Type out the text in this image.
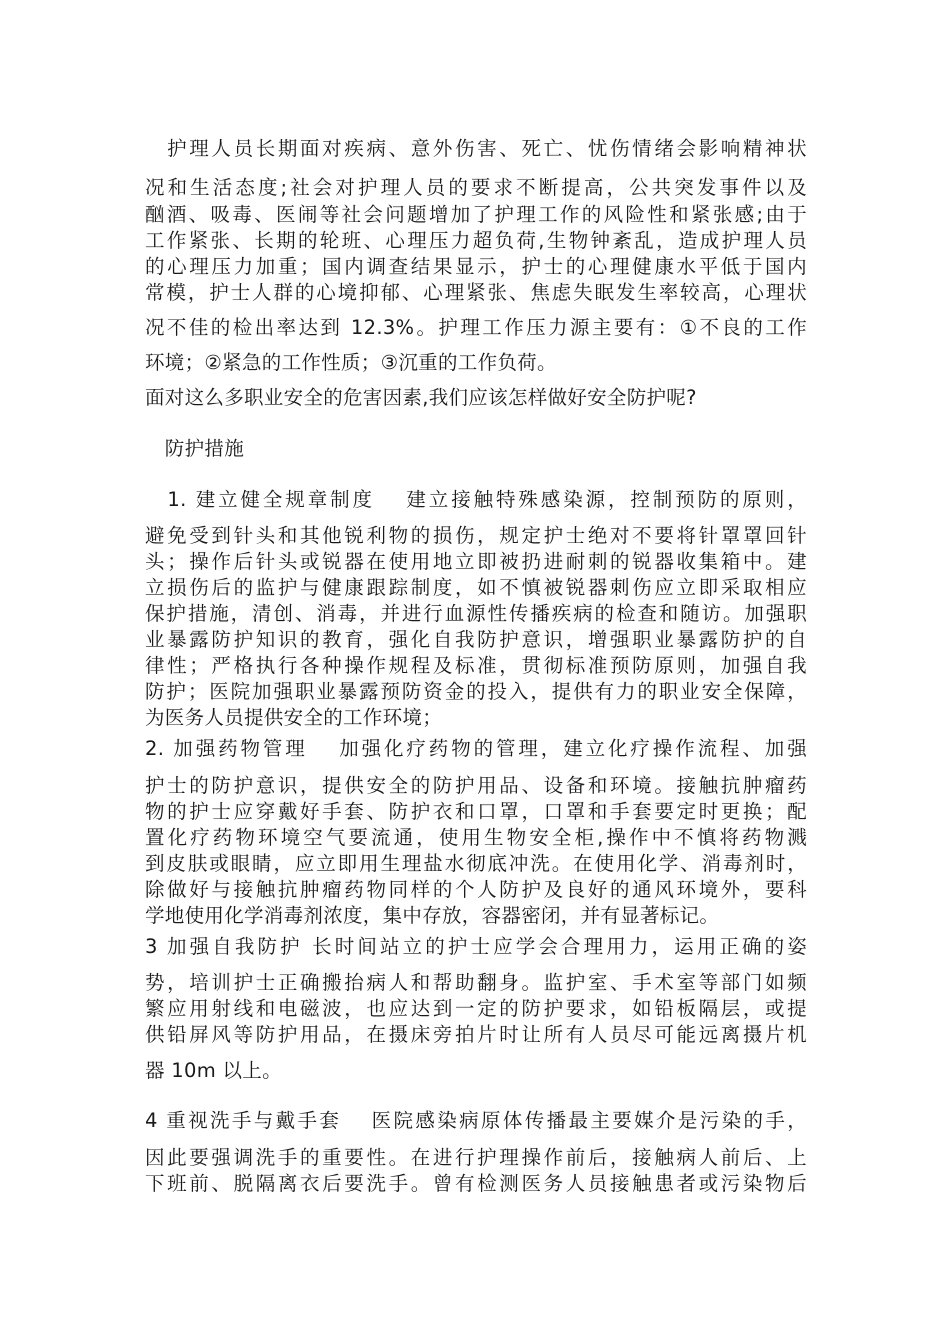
　护理人员长期面对疾病、意外伤害、死亡、忧伤情绪会影响精神状
况和生活态度;社会对护理人员的要求不断提高，公共突发事件以及
酗酒、吸毒、医闹等社会问题增加了护理工作的风险性和紧张感;由于
工作紧张、长期的轮班、心理压力超负荷,生物钟紊乱，造成护理人员
的心理压力加重；国内调查结果显示，护士的心理健康水平低于国内
常模，护士人群的心境抑郁、心理紧张、焦虑失眠发生率较高，心理状
况不佳的检出率达到 12.3%。护理工作压力源主要有：①不良的工作
环境；②紧急的工作性质；③沉重的工作负荷。
面对这么多职业安全的危害因素,我们应该怎样做好安全防护呢?
　防护措施
　1. 建立健全规章制度　 建立接触特殊感染源，控制预防的原则，
避免受到针头和其他锐利物的损伤，规定护士绝对不要将针罩罩回针
头；操作后针头或锐器在使用地立即被扔进耐刺的锐器收集箱中。建
立损伤后的监护与健康跟踪制度，如不慎被锐器刺伤应立即采取相应
保护措施，清创、消毒，并进行血源性传播疾病的检查和随访。加强职
业暴露防护知识的教育，强化自我防护意识，增强职业暴露防护的自
律性；严格执行各种操作规程及标准，贯彻标准预防原则，加强自我
防护；医院加强职业暴露预防资金的投入，提供有力的职业安全保障，
为医务人员提供安全的工作环境；
2. 加强药物管理　 加强化疗药物的管理，建立化疗操作流程、加强
护士的防护意识，提供安全的防护用品、设备和环境。接触抗肿瘤药
物的护士应穿戴好手套、防护衣和口罩，口罩和手套要定时更换；配
置化疗药物环境空气要流通，使用生物安全柜,操作中不慎将药物溅
到皮肤或眼睛，应立即用生理盐水彻底冲洗。在使用化学、消毒剂时，
除做好与接触抗肿瘤药物同样的个人防护及良好的通风环境外，要科
学地使用化学消毒剂浓度，集中存放，容器密闭，并有显著标记。
3 加强自我防护 长时间站立的护士应学会合理用力，运用正确的姿
势，培训护士正确搬抬病人和帮助翻身。监护室、手术室等部门如频
繁应用射线和电磁波，也应达到一定的防护要求，如铅板隔层，或提
供铅屏风等防护用品，在摄床旁拍片时让所有人员尽可能远离摄片机
器 10m 以上。
4 重视洗手与戴手套　 医院感染病原体传播最主要媒介是污染的手，
因此要强调洗手的重要性。在进行护理操作前后，接触病人前后、上
下班前、脱隔离衣后要洗手。曾有检测医务人员接触患者或污染物后
